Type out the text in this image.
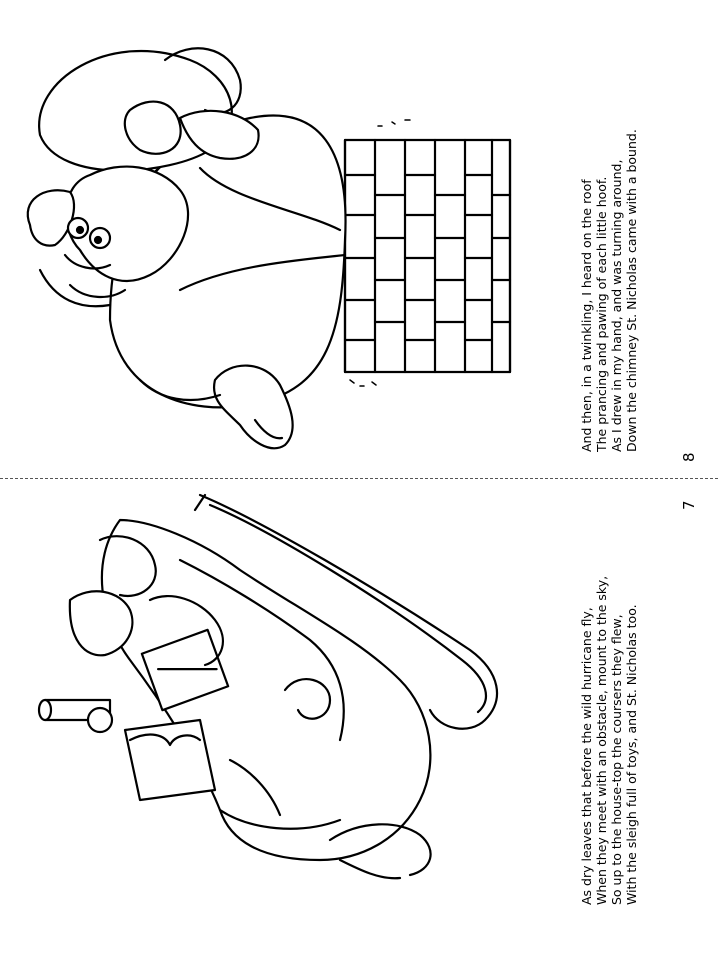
And then, in a twinkling, I heard on the roof The prancing and pawing of each little hoof. As I drew in my hand, and was turning around, Down the chimney St. Nicholas came with a bound.
8
As dry leaves that before the wild hurricane fly, When they meet with an obstacle, mount to the sky, So up to the house-top the coursers they flew, With the sleigh full of toys, and St. Nicholas too.
7
